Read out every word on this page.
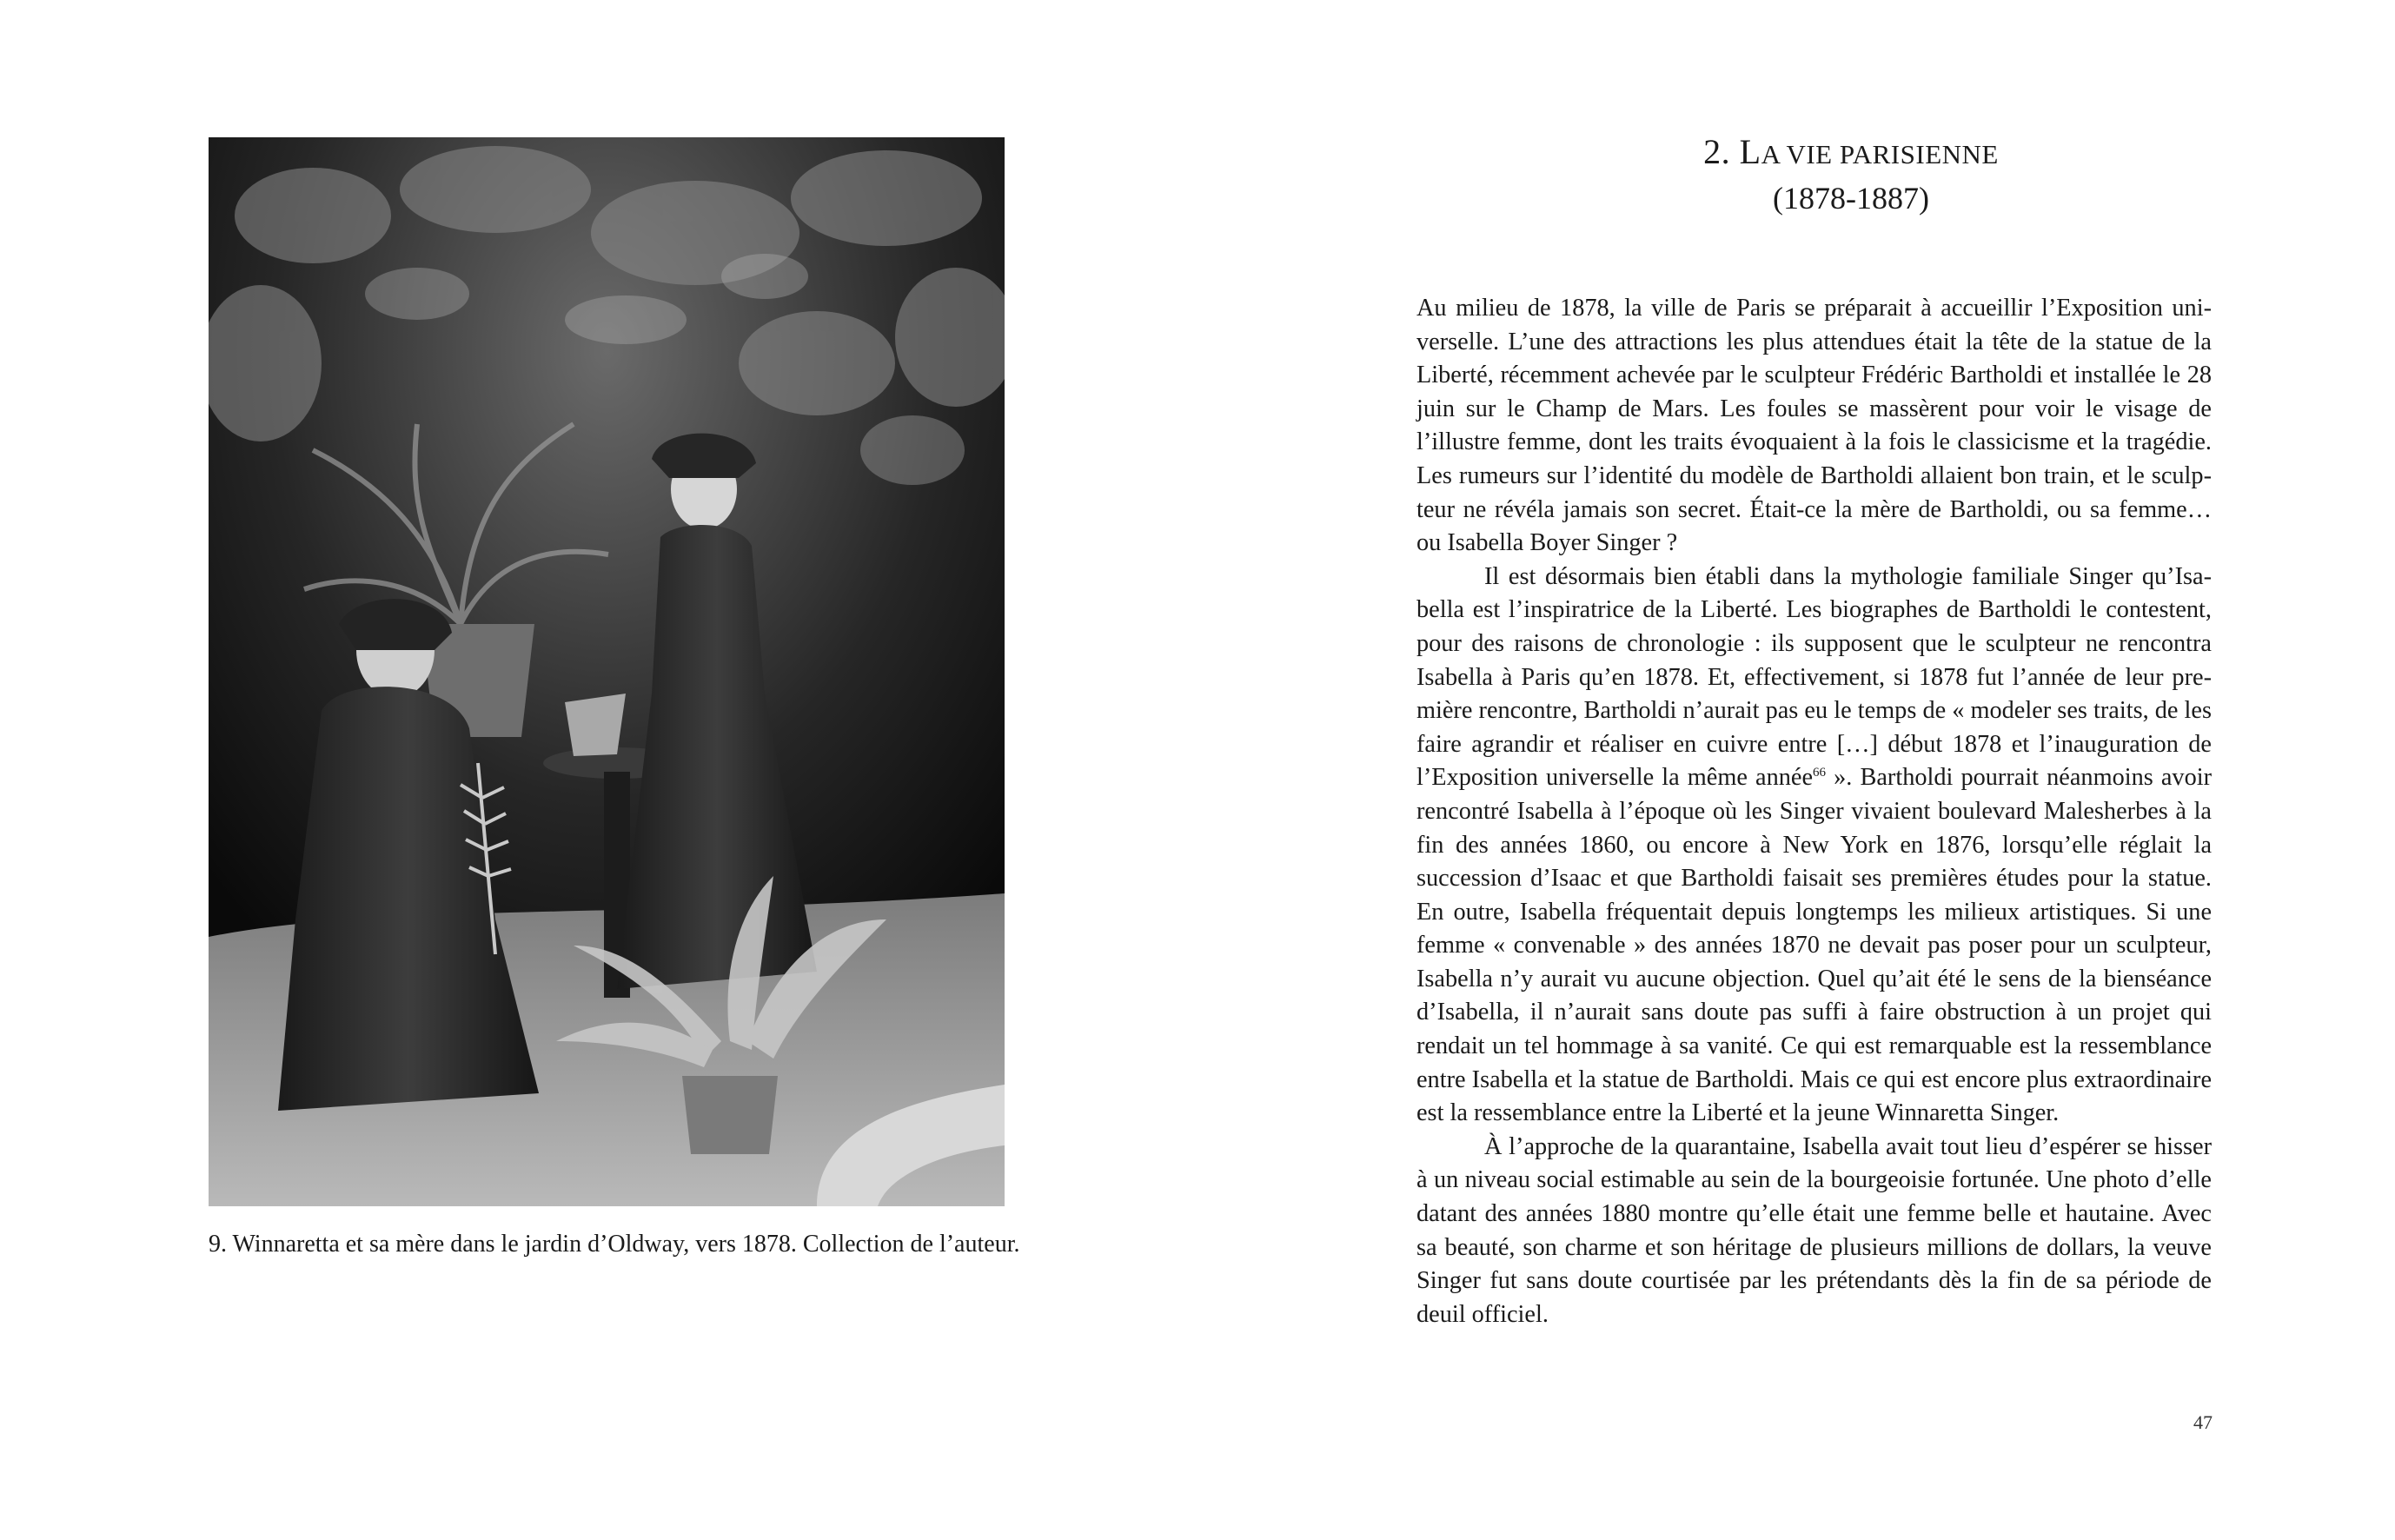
9. Winnaretta et sa mère dans le jardin d’Oldway, vers 1878. Collection de l’auteur.
2. LA VIE PARISIENNE
(1878-1887)

Au milieu de 1878, la ville de Paris se préparait à accueillir l’Exposition universelle. L’une des attractions les plus attendues était la tête de la statue de la Liberté, récemment achevée par le sculpteur Frédéric Bartholdi et installée le 28 juin sur le Champ de Mars. Les foules se massèrent pour voir le visage de l’illustre femme, dont les traits évoquaient à la fois le classicisme et la tragédie. Les rumeurs sur l’identité du modèle de Bartholdi allaient bon train, et le sculpteur ne révéla jamais son secret. Était-ce la mère de Bartholdi, ou sa femme… ou Isabella Boyer Singer ?

Il est désormais bien établi dans la mythologie familiale Singer qu’Isabella est l’inspiratrice de la Liberté. Les biographes de Bartholdi le contestent, pour des raisons de chronologie : ils supposent que le sculpteur ne rencontra Isabella à Paris qu’en 1878. Et, effectivement, si 1878 fut l’année de leur première rencontre, Bartholdi n’aurait pas eu le temps de « modeler ses traits, de les faire agrandir et réaliser en cuivre entre […] début 1878 et l’inauguration de l’Exposition universelle la même année$^{66}$ ». Bartholdi pourrait néanmoins avoir rencontré Isabella à l’époque où les Singer vivaient boulevard Malesherbes à la fin des années 1860, ou encore à New York en 1876, lorsqu’elle réglait la succession d’Isaac et que Bartholdi faisait ses premières études pour la statue. En outre, Isabella fréquentait depuis longtemps les milieux artistiques. Si une femme « convenable » des années 1870 ne devait pas poser pour un sculpteur, Isabella n’y aurait vu aucune objection. Quel qu’ait été le sens de la bienséance d’Isabella, il n’aurait sans doute pas suffi à faire obstruction à un projet qui rendait un tel hommage à sa vanité. Ce qui est remarquable est la ressemblance entre Isabella et la statue de Bartholdi. Mais ce qui est encore plus extraordinaire est la ressemblance entre la Liberté et la jeune Winnaretta Singer.

À l’approche de la quarantaine, Isabella avait tout lieu d’espérer se hisser à un niveau social estimable au sein de la bourgeoisie fortunée. Une photo d’elle datant des années 1880 montre qu’elle était une femme belle et hautaine. Avec sa beauté, son charme et son héritage de plusieurs millions de dollars, la veuve Singer fut sans doute courtisée par les prétendants dès la fin de sa période de deuil officiel.

47
